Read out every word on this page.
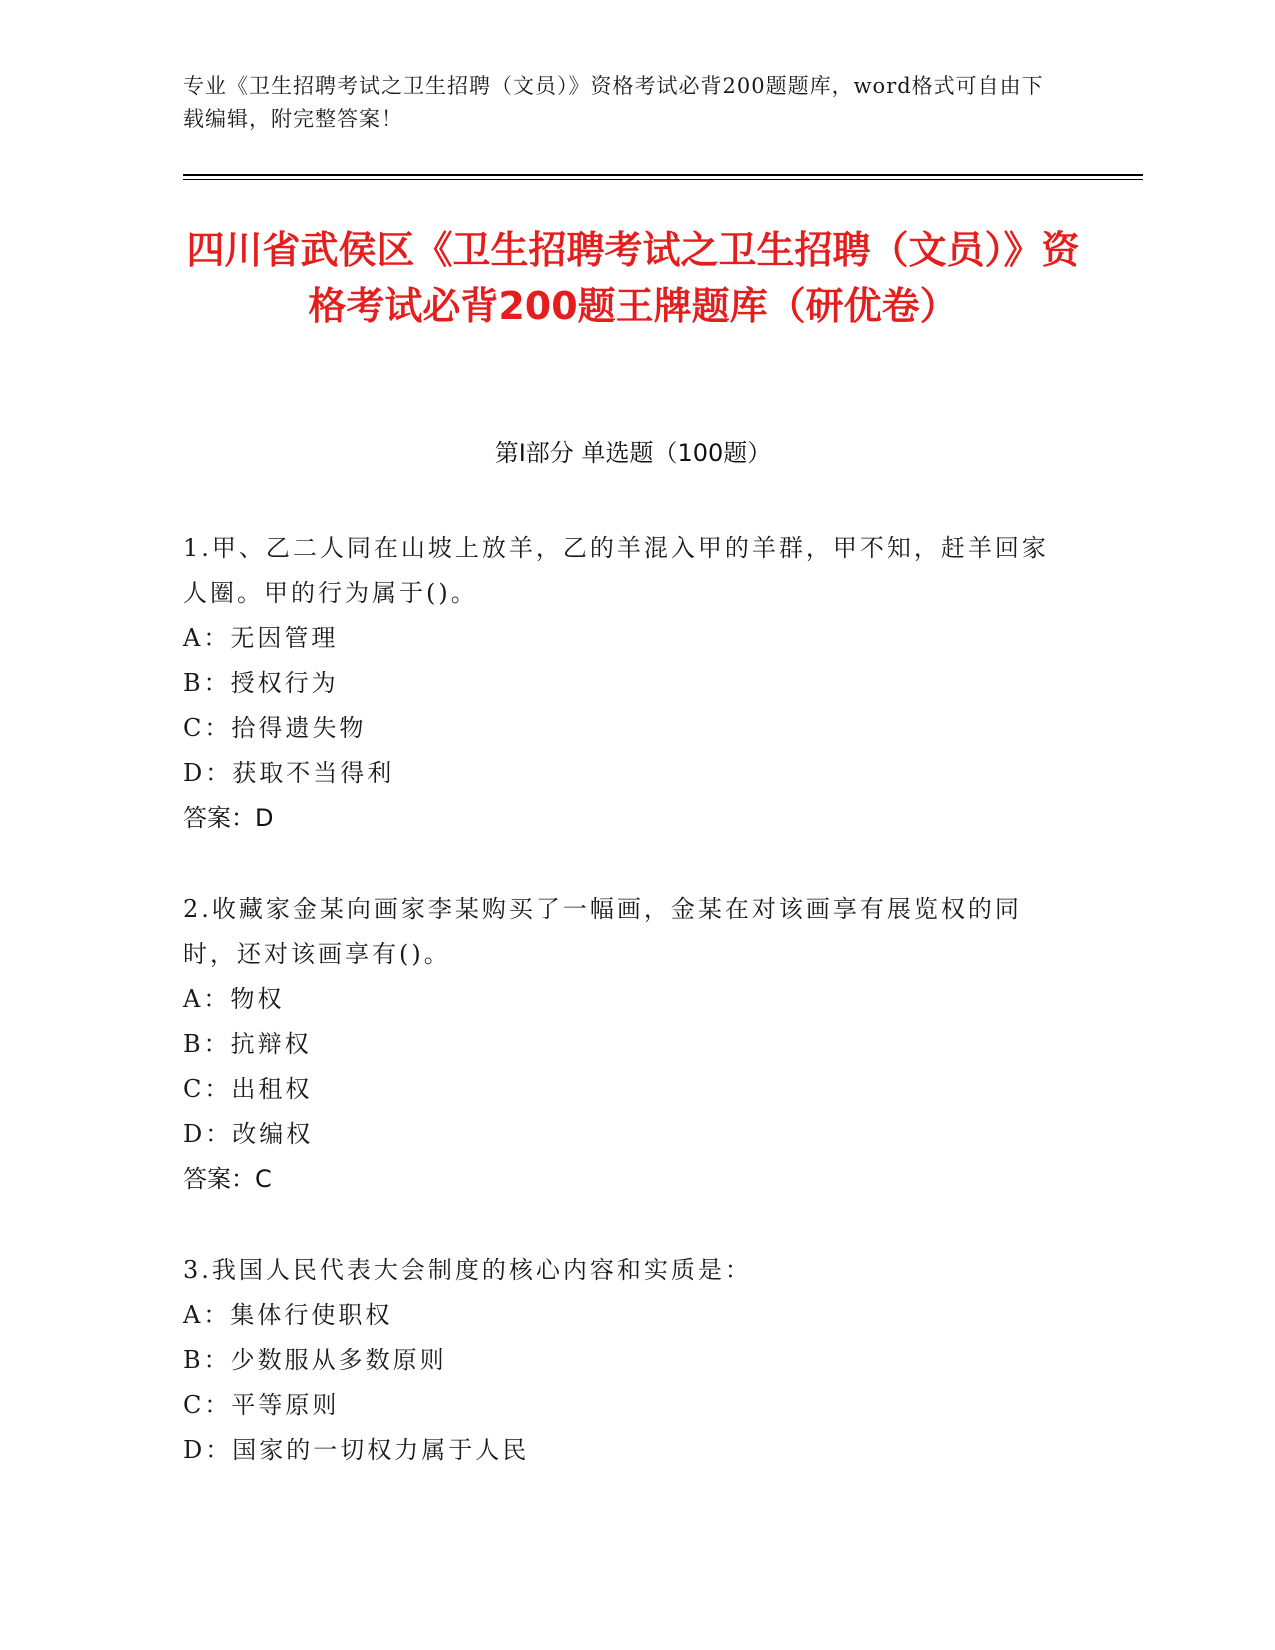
专业《卫生招聘考试之卫生招聘（文员）》资格考试必背200题题库，word格式可自由下载编辑，附完整答案！
四川省武侯区《卫生招聘考试之卫生招聘（文员）》资格考试必背200题王牌题库（研优卷）
第Ⅰ部分 单选题（100题）
1.甲、乙二人同在山坡上放羊，乙的羊混入甲的羊群，甲不知，赶羊回家人圈。甲的行为属于()。
A：无因管理
B：授权行为
C：拾得遗失物
D：获取不当得利
答案：D
2.收藏家金某向画家李某购买了一幅画，金某在对该画享有展览权的同时，还对该画享有()。
A：物权
B：抗辩权
C：出租权
D：改编权
答案：C
3.我国人民代表大会制度的核心内容和实质是：
A：集体行使职权
B：少数服从多数原则
C：平等原则
D：国家的一切权力属于人民
